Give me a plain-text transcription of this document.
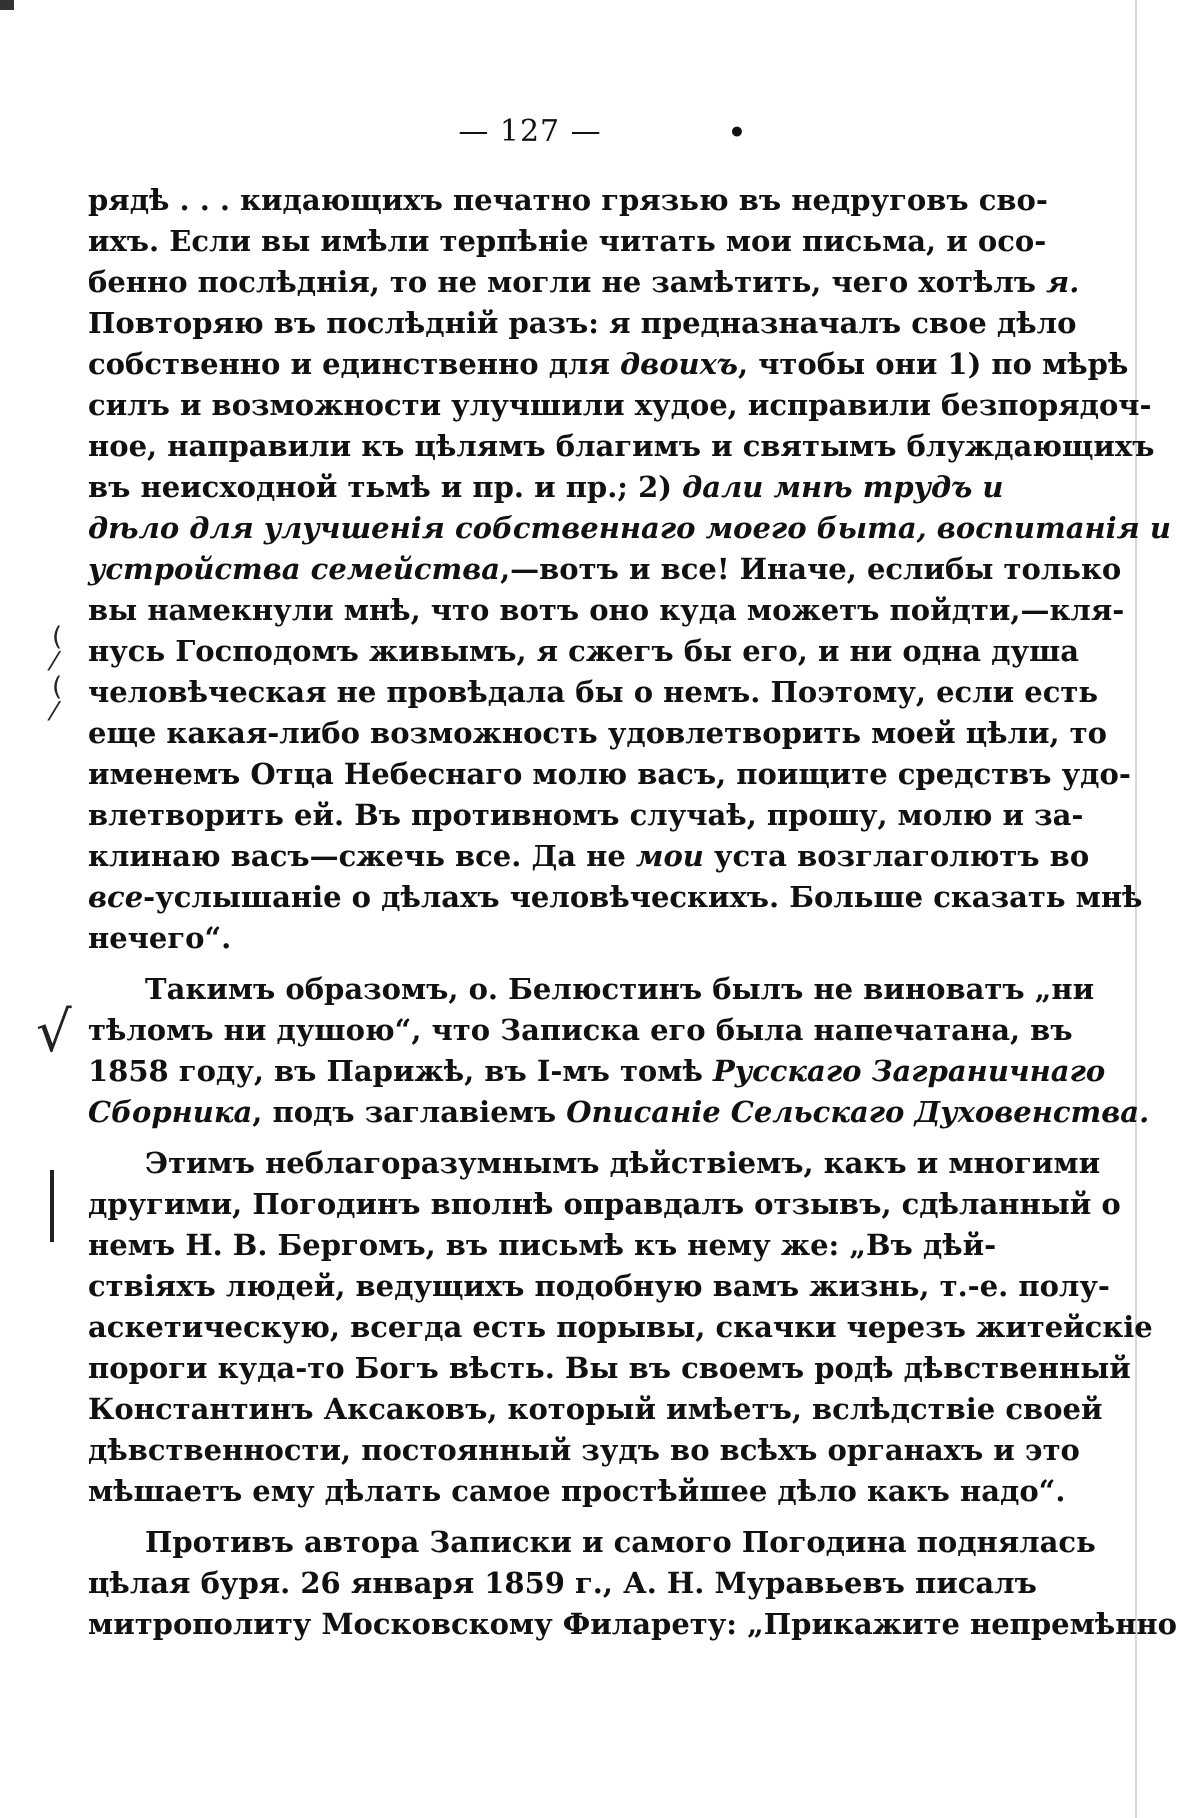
— 127 —	•
рядѣ . . . кидающихъ печатно грязью въ недруговъ сво-
ихъ. Если вы имѣли терпѣніе читать мои письма, и осо-
бенно послѣднія, то не могли не замѣтить, чего хотѣлъ я.
Повторяю въ послѣдній разъ: я предназначалъ свое дѣло
собственно и единственно для двоихъ, чтобы они 1) по мѣрѣ
силъ и возможности улучшили худое, исправили безпорядоч-
ное, направили къ цѣлямъ благимъ и святымъ блуждающихъ
въ неисходной тьмѣ и пр. и пр.; 2) дали мнѣ трудъ и
дѣло для улучшенія собственнаго моего быта, воспитанія и
устройства семейства,—вотъ и все! Иначе, еслибы только
вы намекнули мнѣ, что вотъ оно куда можетъ пойдти,—кля-
нусь Господомъ живымъ, я сжегъ бы его, и ни одна душа
человѣческая не провѣдала бы о немъ. Поэтому, если есть
еще какая-либо возможность удовлетворить моей цѣли, то
именемъ Отца Небеснаго молю васъ, поищите средствъ удо-
влетворить ей. Въ противномъ случаѣ, прошу, молю и за-
клинаю васъ—сжечь все. Да не мои уста возглаголютъ во
все-услышаніе о дѣлахъ человѣческихъ. Больше сказать мнѣ
нечего“.
Такимъ образомъ, о. Белюстинъ былъ не виноватъ „ни
тѣломъ ни душою“, что Записка его была напечатана, въ
1858 году, въ Парижѣ, въ I-мъ томѣ Русскаго Заграничнаго
Сборника, подъ заглавіемъ Описаніе Сельскаго Духовенства.
Этимъ неблагоразумнымъ дѣйствіемъ, какъ и многими
другими, Погодинъ вполнѣ оправдалъ отзывъ, сдѣланный о
немъ Н. В. Бергомъ, въ письмѣ къ нему же: „Въ дѣй-
ствіяхъ людей, ведущихъ подобную вамъ жизнь, т.-е. полу-
аскетическую, всегда есть порывы, скачки черезъ житейскіе
пороги куда-то Богъ вѣсть. Вы въ своемъ родѣ дѣвственный
Константинъ Аксаковъ, который имѣетъ, вслѣдствіе своей
дѣвственности, постоянный зудъ во всѣхъ органахъ и это
мѣшаетъ ему дѣлать самое простѣйшее дѣло какъ надо“.
Противъ автора Записки и самого Погодина поднялась
цѣлая буря. 26 января 1859 г., А. Н. Муравьевъ писалъ
митрополиту Московскому Филарету: „Прикажите непремѣнно
( ⁄ ( ⁄
√
